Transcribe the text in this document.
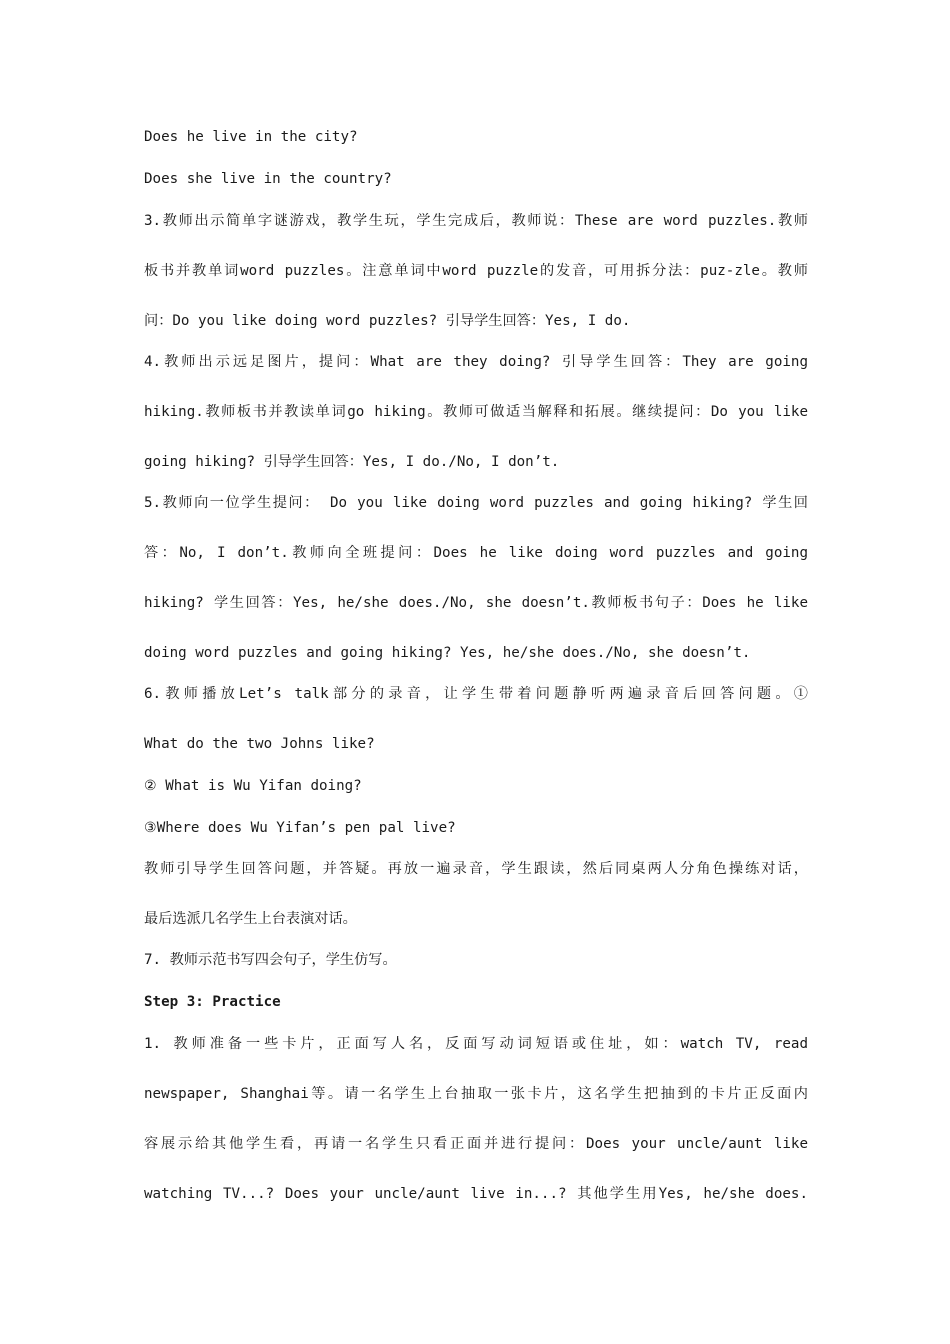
Does he live in the city?
Does she live in the country?
3.教师出示简单字谜游戏，教学生玩，学生完成后，教师说：These are word puzzles.教师
板书并教单词word puzzles。注意单词中word puzzle的发音，可用拆分法：puz-zle。教师
问：Do you like doing word puzzles? 引导学生回答：Yes, I do.
4.教师出示远足图片，提问：What are they doing? 引导学生回答：They are going
hiking.教师板书并教读单词go hiking。教师可做适当解释和拓展。继续提问：Do you like
going hiking? 引导学生回答：Yes, I do./No, I don’t.
5.教师向一位学生提问： Do you like doing word puzzles and going hiking? 学生回
答：No, I don’t.教师向全班提问：Does he like doing word puzzles and going
hiking? 学生回答：Yes, he/she does./No, she doesn’t.教师板书句子：Does he like
doing word puzzles and going hiking? Yes, he/she does./No, she doesn’t.
6.教师播放Let’s talk部分的录音，让学生带着问题静听两遍录音后回答问题。①
What do the two Johns like?
② What is Wu Yifan doing?
③Where does Wu Yifan’s pen pal live?
教师引导学生回答问题，并答疑。再放一遍录音，学生跟读，然后同桌两人分角色操练对话，
最后选派几名学生上台表演对话。
7. 教师示范书写四会句子，学生仿写。
Step 3: Practice
1. 教师准备一些卡片，正面写人名，反面写动词短语或住址，如：watch TV, read
newspaper, Shanghai等。请一名学生上台抽取一张卡片，这名学生把抽到的卡片正反面内
容展示给其他学生看，再请一名学生只看正面并进行提问：Does your uncle/aunt like
watching TV...? Does your uncle/aunt live in...? 其他学生用Yes, he/she does.
